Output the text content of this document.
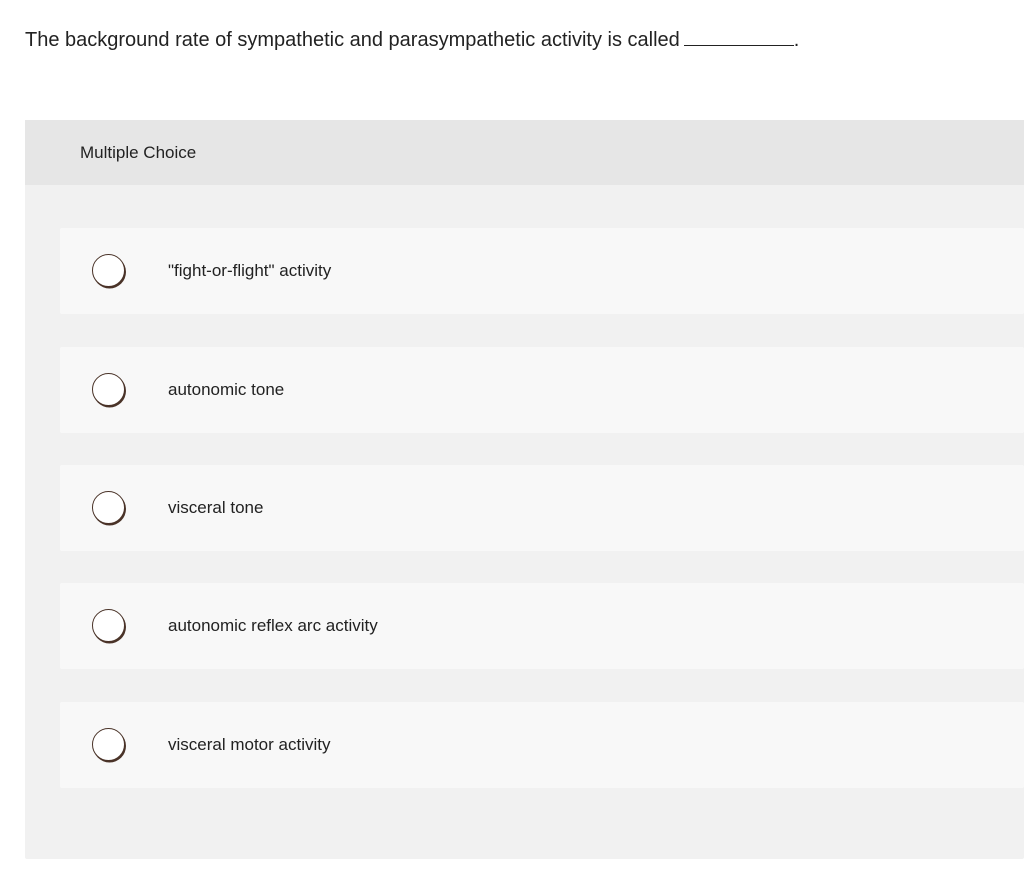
The background rate of sympathetic and parasympathetic activity is called	.
Multiple Choice
"fight-or-flight" activity
autonomic tone
visceral tone
autonomic reflex arc activity
visceral motor activity
